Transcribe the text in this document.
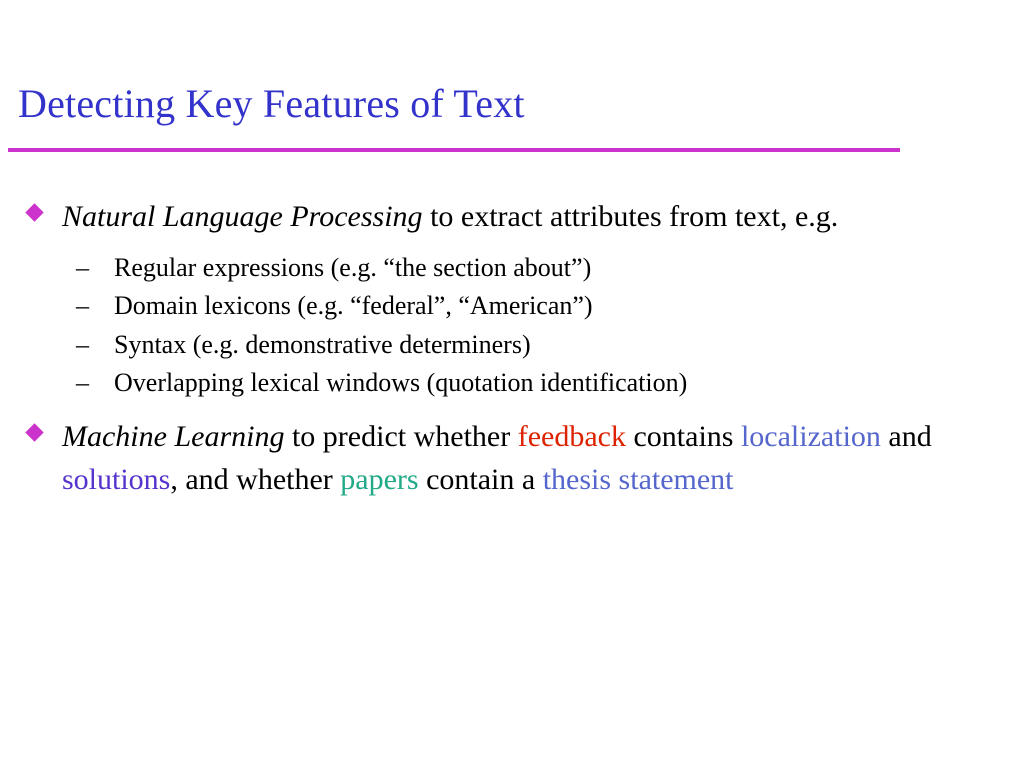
Detecting Key Features of Text
Natural Language Processing to extract attributes from text, e.g.
– Regular expressions (e.g. “the section about”)
– Domain lexicons (e.g. “federal”, “American”)
– Syntax (e.g. demonstrative determiners)
– Overlapping lexical windows (quotation identification)
Machine Learning to predict whether feedback contains localization and solutions, and whether papers contain a thesis statement
